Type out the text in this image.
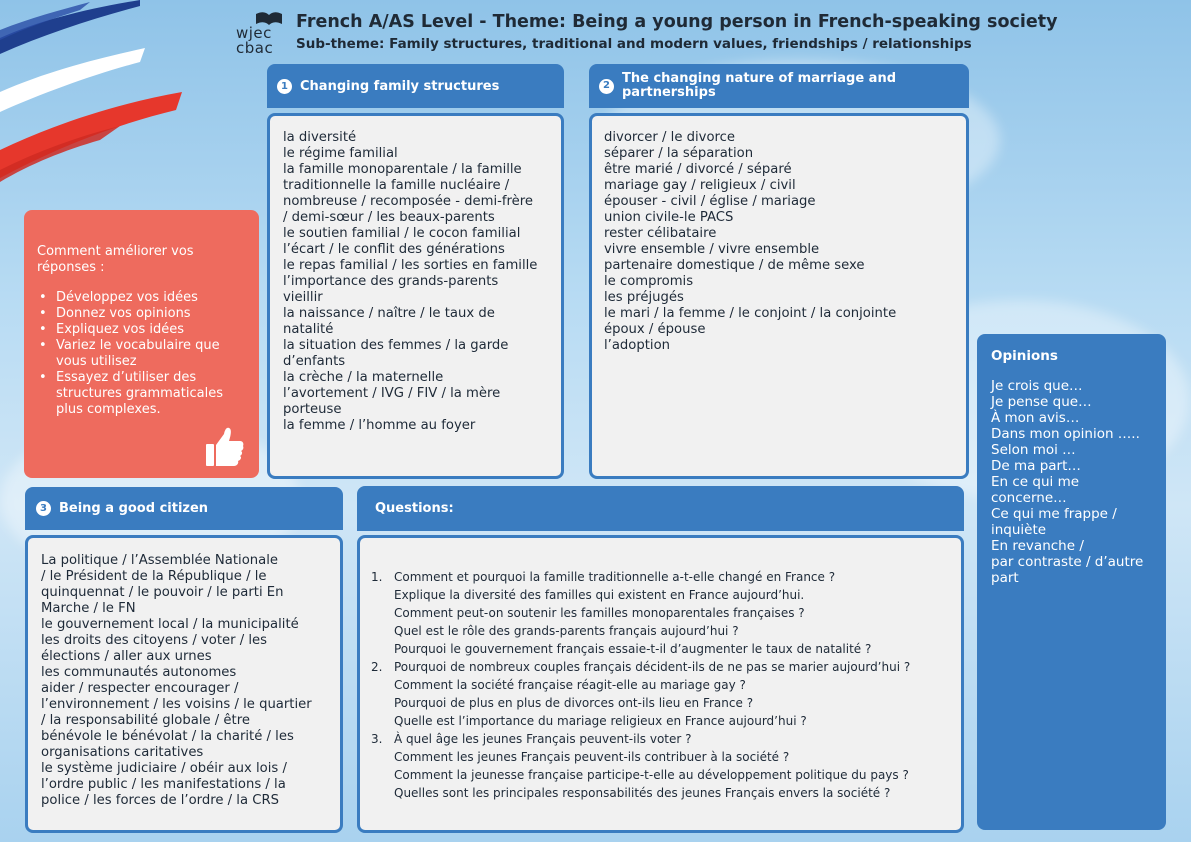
wjec
cbac
French A/AS Level - Theme: Being a young person in French-speaking society
Sub-theme: Family structures, traditional and modern values, friendships / relationships
1 Changing family structures
la diversité
le régime familial
la famille monoparentale / la famille
traditionnelle la famille nucléaire /
nombreuse / recomposée - demi-frère
/ demi-sœur / les beaux-parents
le soutien familial / le cocon familial
l’écart / le conflit des générations
le repas familial / les sorties en famille
l’importance des grands-parents
vieillir
la naissance / naître / le taux de
natalité
la situation des femmes / la garde
d’enfants
la crèche / la maternelle
l’avortement / IVG / FIV / la mère
porteuse
la femme / l’homme au foyer
2 The changing nature of marriage and
partnerships
divorcer / le divorce
séparer / la séparation
être marié / divorcé / séparé
mariage gay / religieux / civil
épouser - civil / église / mariage
union civile-le PACS
rester célibataire
vivre ensemble / vivre ensemble
partenaire domestique / de même sexe
le compromis
les préjugés
le mari / la femme / le conjoint / la conjointe
époux / épouse
l’adoption
Comment améliorer vos
réponses :
• Développez vos idées
• Donnez vos opinions
• Expliquez vos idées
• Variez le vocabulaire que vous utilisez
• Essayez d’utiliser des structures grammaticales plus complexes.
3 Being a good citizen
La politique / l’Assemblée Nationale
/ le Président de la République / le
quinquennat / le pouvoir / le parti En
Marche / le FN
le gouvernement local / la municipalité
les droits des citoyens / voter / les
élections / aller aux urnes
les communautés autonomes
aider / respecter encourager /
l’environnement / les voisins / le quartier
/ la responsabilité globale / être
bénévole le bénévolat / la charité / les
organisations caritatives
le système judiciaire / obéir aux lois /
l’ordre public / les manifestations / la
police / les forces de l’ordre / la CRS
Questions:
1. Comment et pourquoi la famille traditionnelle a-t-elle changé en France ?
Explique la diversité des familles qui existent en France aujourd’hui.
Comment peut-on soutenir les familles monoparentales françaises ?
Quel est le rôle des grands-parents français aujourd’hui ?
Pourquoi le gouvernement français essaie-t-il d’augmenter le taux de natalité ?
2. Pourquoi de nombreux couples français décident-ils de ne pas se marier aujourd’hui ?
Comment la société française réagit-elle au mariage gay ?
Pourquoi de plus en plus de divorces ont-ils lieu en France ?
Quelle est l’importance du mariage religieux en France aujourd’hui ?
3. À quel âge les jeunes Français peuvent-ils voter ?
Comment les jeunes Français peuvent-ils contribuer à la société ?
Comment la jeunesse française participe-t-elle au développement politique du pays ?
Quelles sont les principales responsabilités des jeunes Français envers la société ?
Opinions
Je crois que…
Je pense que…
À mon avis…
Dans mon opinion …..
Selon moi …
De ma part…
En ce qui me
concerne…
Ce qui me frappe /
inquiète
En revanche /
par contraste / d’autre
part
